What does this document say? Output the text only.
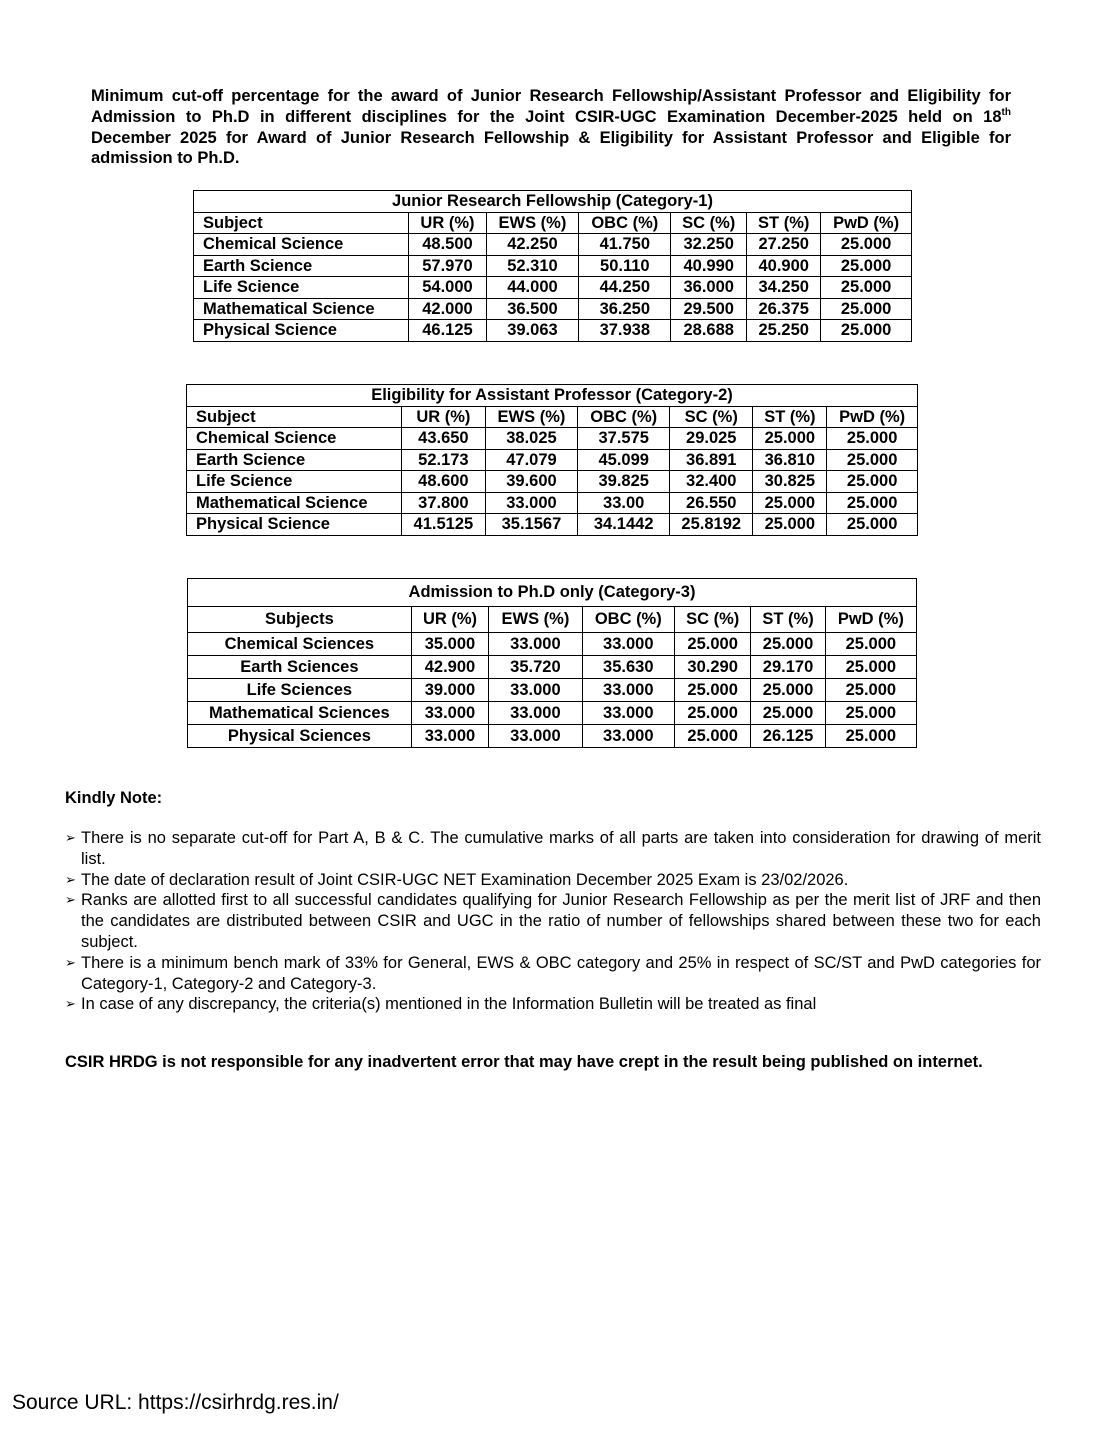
Minimum cut-off percentage for the award of Junior Research Fellowship/Assistant Professor and Eligibility for Admission to Ph.D in different disciplines for the Joint CSIR-UGC Examination December-2025 held on 18th December 2025 for Award of Junior Research Fellowship & Eligibility for Assistant Professor and Eligible for admission to Ph.D.
Junior Research Fellowship (Category-1)						
Subject	UR (%)	EWS (%)	OBC (%)	SC (%)	ST (%)	PwD (%)
Chemical Science	48.500	42.250	41.750	32.250	27.250	25.000
Earth Science	57.970	52.310	50.110	40.990	40.900	25.000
Life Science	54.000	44.000	44.250	36.000	34.250	25.000
Mathematical Science	42.000	36.500	36.250	29.500	26.375	25.000
Physical Science	46.125	39.063	37.938	28.688	25.250	25.000
Eligibility for Assistant Professor (Category-2)						
Subject	UR (%)	EWS (%)	OBC (%)	SC (%)	ST (%)	PwD (%)
Chemical Science	43.650	38.025	37.575	29.025	25.000	25.000
Earth Science	52.173	47.079	45.099	36.891	36.810	25.000
Life Science	48.600	39.600	39.825	32.400	30.825	25.000
Mathematical Science	37.800	33.000	33.00	26.550	25.000	25.000
Physical Science	41.5125	35.1567	34.1442	25.8192	25.000	25.000
Admission to Ph.D only (Category-3)						
Subjects	UR (%)	EWS (%)	OBC (%)	SC (%)	ST (%)	PwD (%)
Chemical Sciences	35.000	33.000	33.000	25.000	25.000	25.000
Earth Sciences	42.900	35.720	35.630	30.290	29.170	25.000
Life Sciences	39.000	33.000	33.000	25.000	25.000	25.000
Mathematical Sciences	33.000	33.000	33.000	25.000	25.000	25.000
Physical Sciences	33.000	33.000	33.000	25.000	26.125	25.000
Kindly Note:
➢ There is no separate cut-off for Part A, B & C. The cumulative marks of all parts are taken into consideration for drawing of merit list.
➢ The date of declaration result of Joint CSIR-UGC NET Examination December 2025 Exam is 23/02/2026.
➢ Ranks are allotted first to all successful candidates qualifying for Junior Research Fellowship as per the merit list of JRF and then the candidates are distributed between CSIR and UGC in the ratio of number of fellowships shared between these two for each subject.
➢ There is a minimum bench mark of 33% for General, EWS & OBC category and 25% in respect of SC/ST and PwD categories for Category-1, Category-2 and Category-3.
➢ In case of any discrepancy, the criteria(s) mentioned in the Information Bulletin will be treated as final
CSIR HRDG is not responsible for any inadvertent error that may have crept in the result being published on internet.
Source URL: https://csirhrdg.res.in/
